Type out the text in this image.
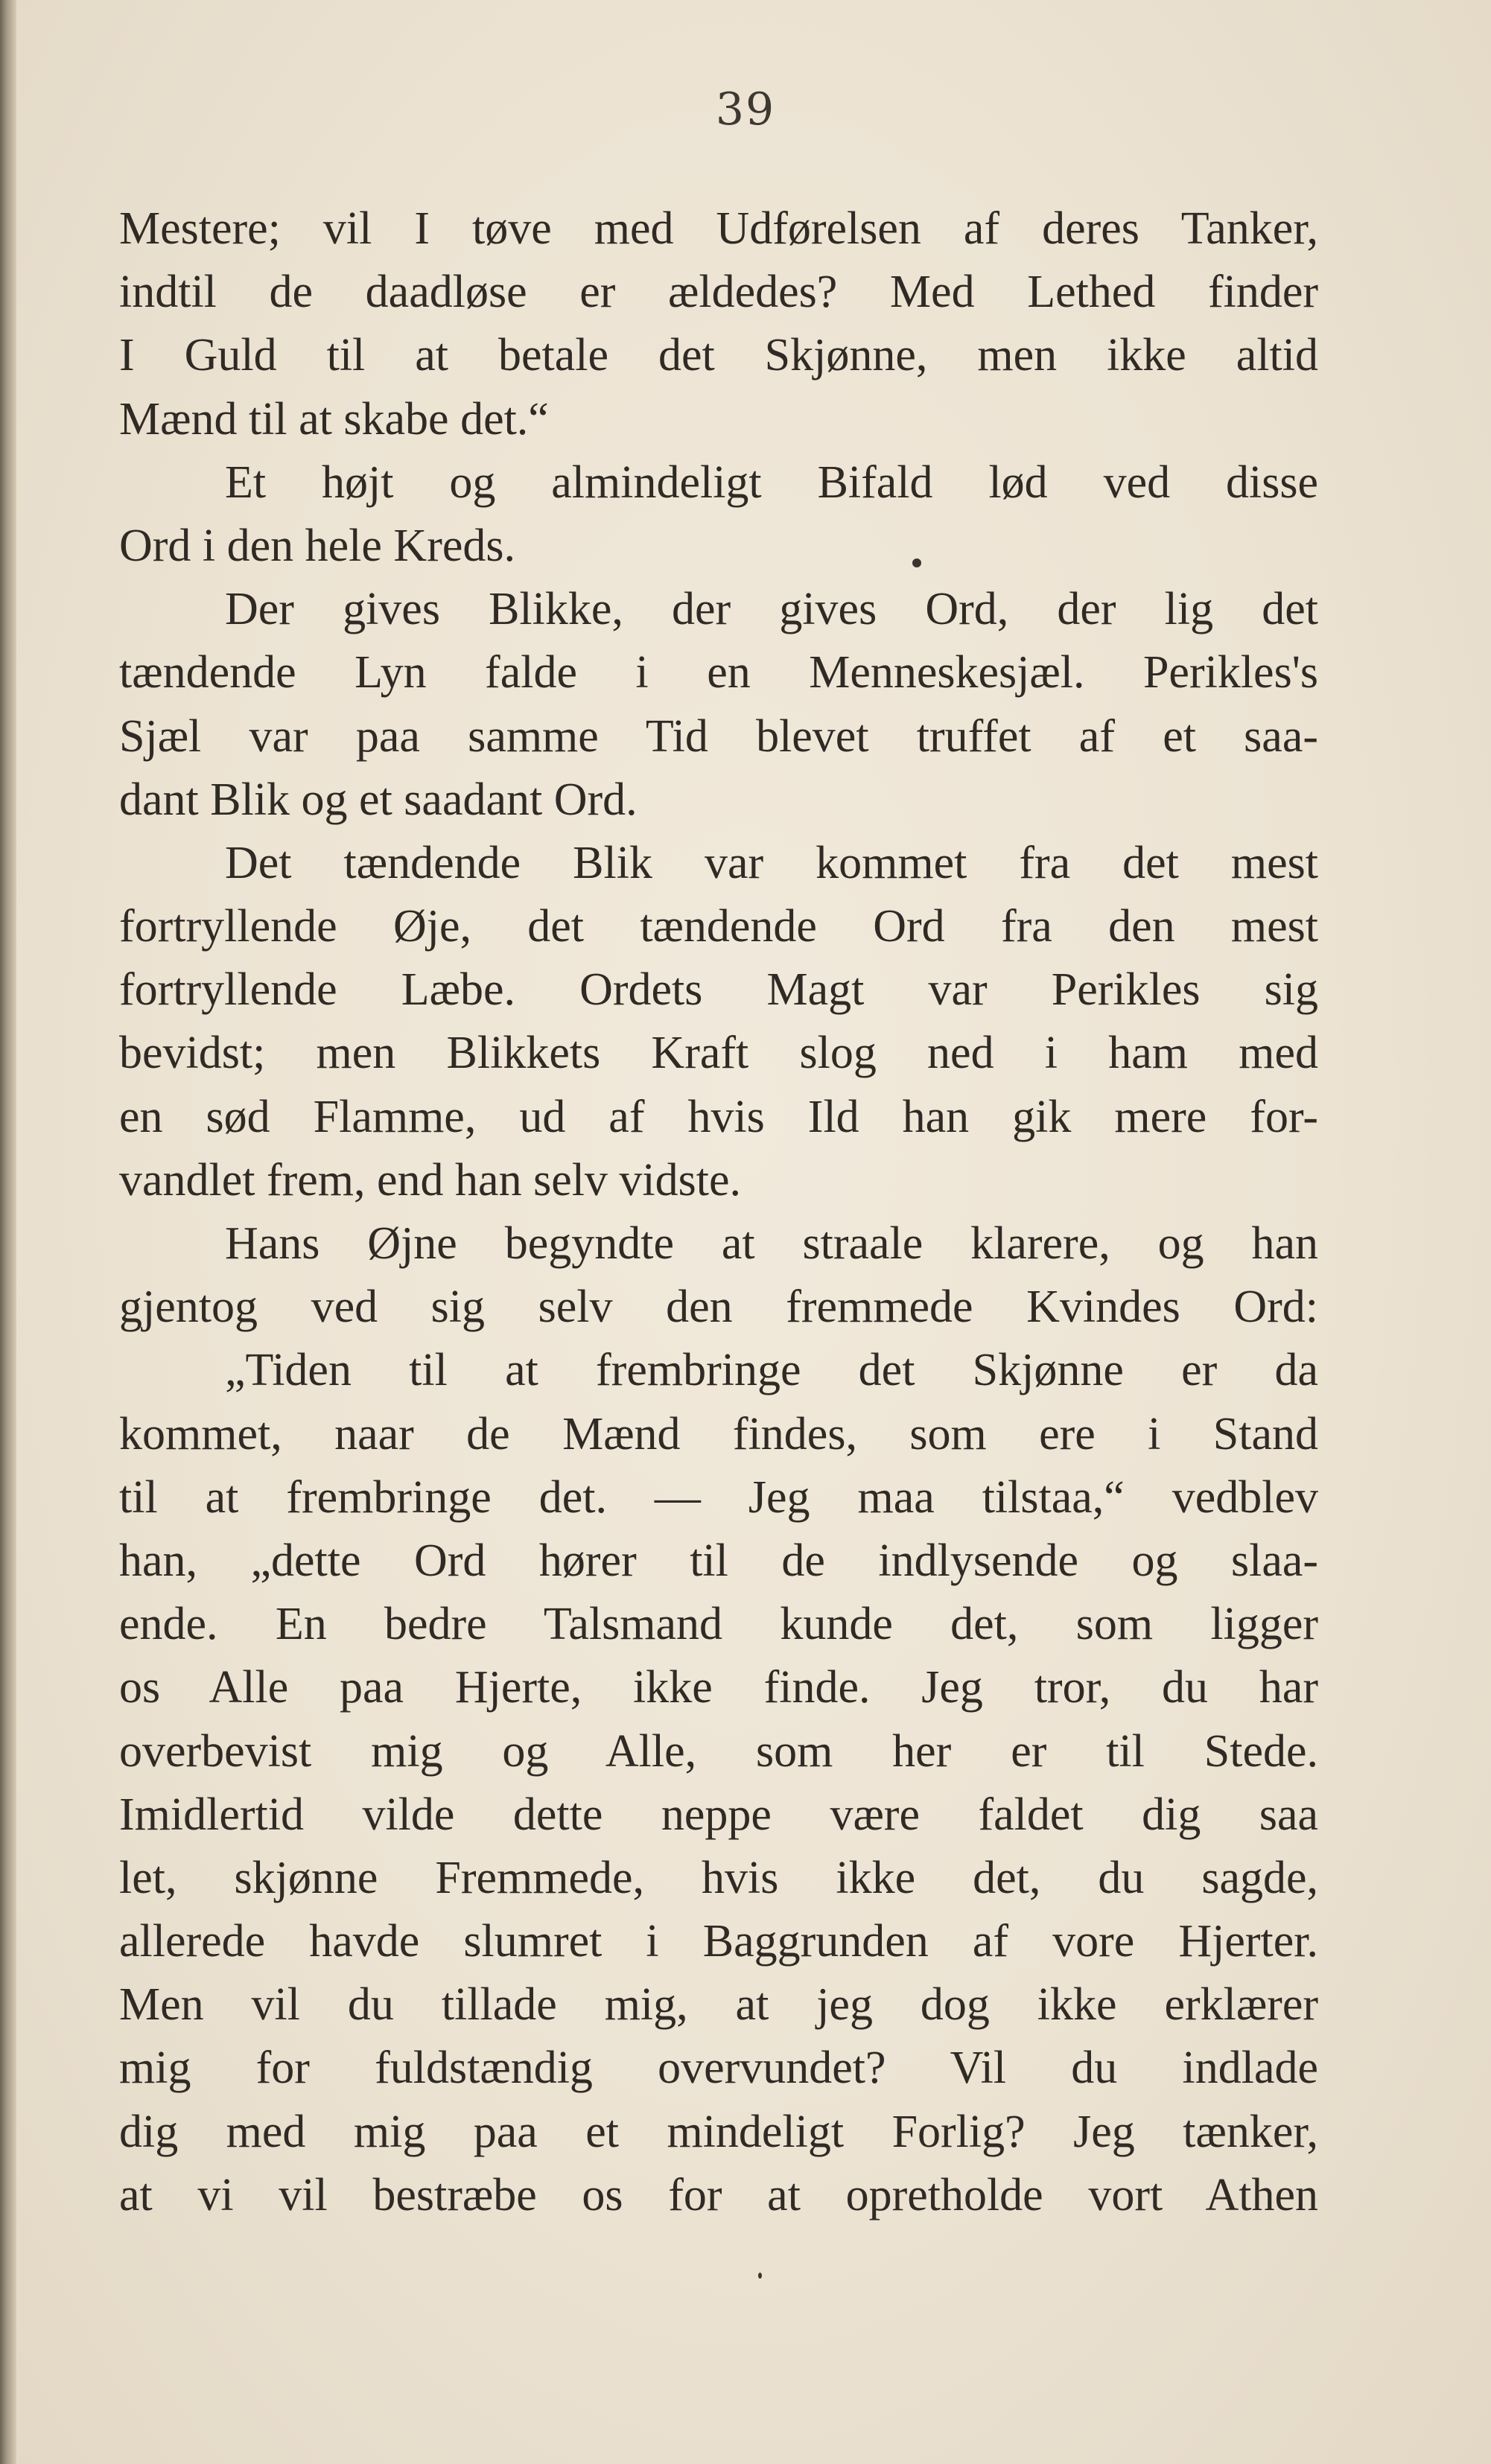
39
Mestere; vil I tøve med Udførelsen af deres Tanker,
indtil de daadløse er ældedes? Med Lethed finder
I Guld til at betale det Skjønne, men ikke altid
Mænd til at skabe det.“
Et højt og almindeligt Bifald lød ved disse
Ord i den hele Kreds.
Der gives Blikke, der gives Ord, der lig det
tændende Lyn falde i en Menneskesjæl. Perikles's
Sjæl var paa samme Tid blevet truffet af et saa-
dant Blik og et saadant Ord.
Det tændende Blik var kommet fra det mest
fortryllende Øje, det tændende Ord fra den mest
fortryllende Læbe. Ordets Magt var Perikles sig
bevidst; men Blikkets Kraft slog ned i ham med
en sød Flamme, ud af hvis Ild han gik mere for-
vandlet frem, end han selv vidste.
Hans Øjne begyndte at straale klarere, og han
gjentog ved sig selv den fremmede Kvindes Ord:
„Tiden til at frembringe det Skjønne er da
kommet, naar de Mænd findes, som ere i Stand
til at frembringe det. — Jeg maa tilstaa,“ vedblev
han, „dette Ord hører til de indlysende og slaa-
ende. En bedre Talsmand kunde det, som ligger
os Alle paa Hjerte, ikke finde. Jeg tror, du har
overbevist mig og Alle, som her er til Stede.
Imidlertid vilde dette neppe være faldet dig saa
let, skjønne Fremmede, hvis ikke det, du sagde,
allerede havde slumret i Baggrunden af vore Hjerter.
Men vil du tillade mig, at jeg dog ikke erklærer
mig for fuldstændig overvundet? Vil du indlade
dig med mig paa et mindeligt Forlig? Jeg tænker,
at vi vil bestræbe os for at opretholde vort Athen
